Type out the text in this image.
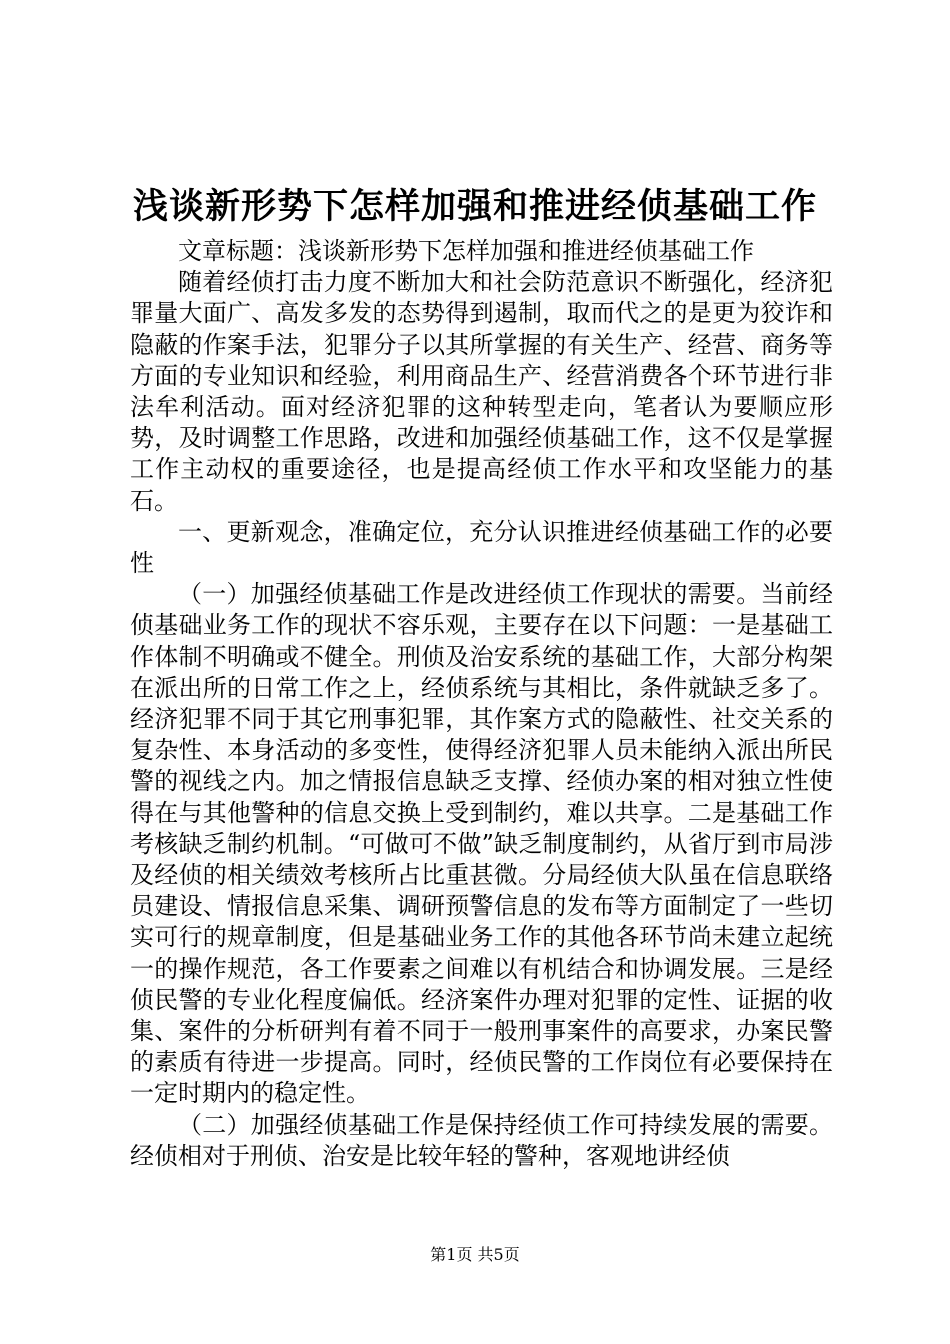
浅谈新形势下怎样加强和推进经侦基础工作

文章标题：浅谈新形势下怎样加强和推进经侦基础工作

随着经侦打击力度不断加大和社会防范意识不断强化，经济犯罪量大面广、高发多发的态势得到遏制，取而代之的是更为狡诈和隐蔽的作案手法，犯罪分子以其所掌握的有关生产、经营、商务等方面的专业知识和经验，利用商品生产、经营消费各个环节进行非法牟利活动。面对经济犯罪的这种转型走向，笔者认为要顺应形势，及时调整工作思路，改进和加强经侦基础工作，这不仅是掌握工作主动权的重要途径，也是提高经侦工作水平和攻坚能力的基石。

一、更新观念，准确定位，充分认识推进经侦基础工作的必要性

（一）加强经侦基础工作是改进经侦工作现状的需要。当前经侦基础业务工作的现状不容乐观，主要存在以下问题：一是基础工作体制不明确或不健全。刑侦及治安系统的基础工作，大部分构架在派出所的日常工作之上，经侦系统与其相比，条件就缺乏多了。经济犯罪不同于其它刑事犯罪，其作案方式的隐蔽性、社交关系的复杂性、本身活动的多变性，使得经济犯罪人员未能纳入派出所民警的视线之内。加之情报信息缺乏支撑、经侦办案的相对独立性使得在与其他警种的信息交换上受到制约，难以共享。二是基础工作考核缺乏制约机制。“可做可不做”缺乏制度制约，从省厅到市局涉及经侦的相关绩效考核所占比重甚微。分局经侦大队虽在信息联络员建设、情报信息采集、调研预警信息的发布等方面制定了一些切实可行的规章制度，但是基础业务工作的其他各环节尚未建立起统一的操作规范，各工作要素之间难以有机结合和协调发展。三是经侦民警的专业化程度偏低。经济案件办理对犯罪的定性、证据的收集、案件的分析研判有着不同于一般刑事案件的高要求，办案民警的素质有待进一步提高。同时，经侦民警的工作岗位有必要保持在一定时期内的稳定性。

（二）加强经侦基础工作是保持经侦工作可持续发展的需要。经侦相对于刑侦、治安是比较年轻的警种，客观地讲经侦

第1页 共5页
